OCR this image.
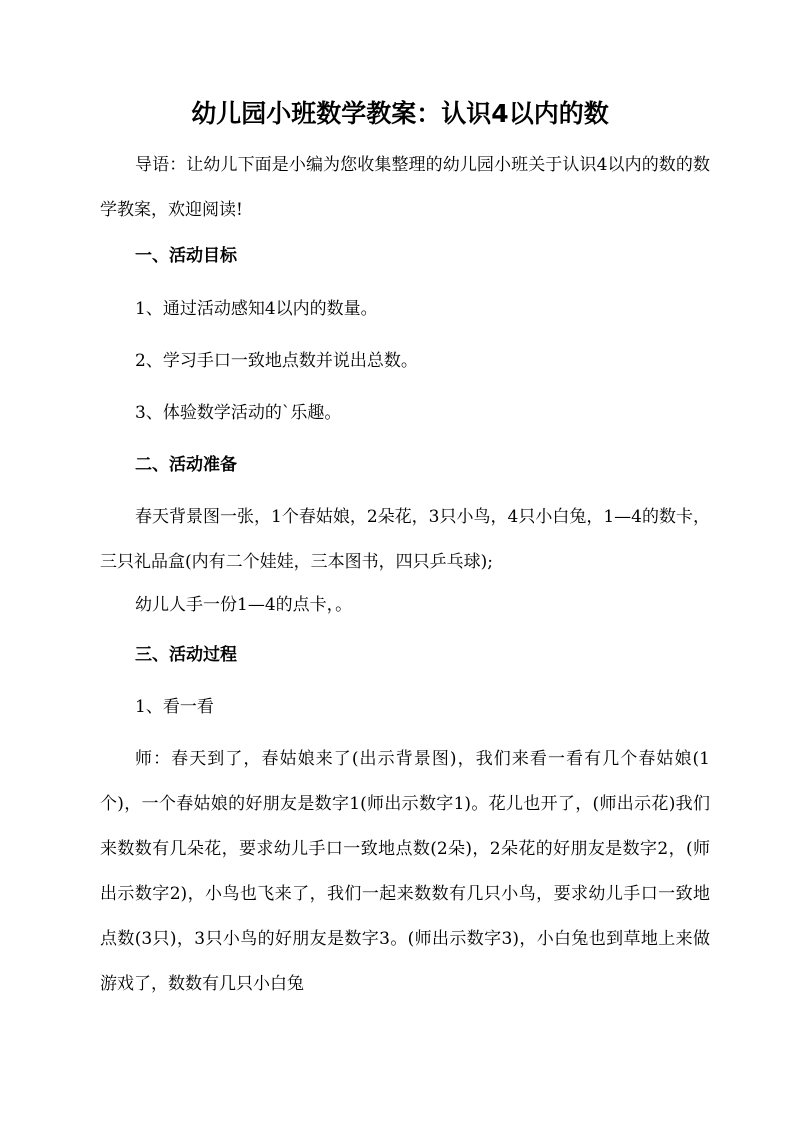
幼儿园小班数学教案：认识4以内的数

导语：让幼儿下面是小编为您收集整理的幼儿园小班关于认识4以内的数的数学教案，欢迎阅读!

一、活动目标

1、通过活动感知4以内的数量。

2、学习手口一致地点数并说出总数。

3、体验数学活动的`乐趣。

二、活动准备

春天背景图一张，1个春姑娘，2朵花，3只小鸟，4只小白兔，1—4的数卡，三只礼品盒(内有二个娃娃，三本图书，四只乒乓球);

幼儿人手一份1—4的点卡，。

三、活动过程

1、看一看

师：春天到了，春姑娘来了(出示背景图)，我们来看一看有几个春姑娘(1个)，一个春姑娘的好朋友是数字1(师出示数字1)。花儿也开了，(师出示花)我们来数数有几朵花，要求幼儿手口一致地点数(2朵)，2朵花的好朋友是数字2，(师出示数字2)，小鸟也飞来了，我们一起来数数有几只小鸟，要求幼儿手口一致地点数(3只)，3只小鸟的好朋友是数字3。(师出示数字3)，小白兔也到草地上来做游戏了，数数有几只小白兔
